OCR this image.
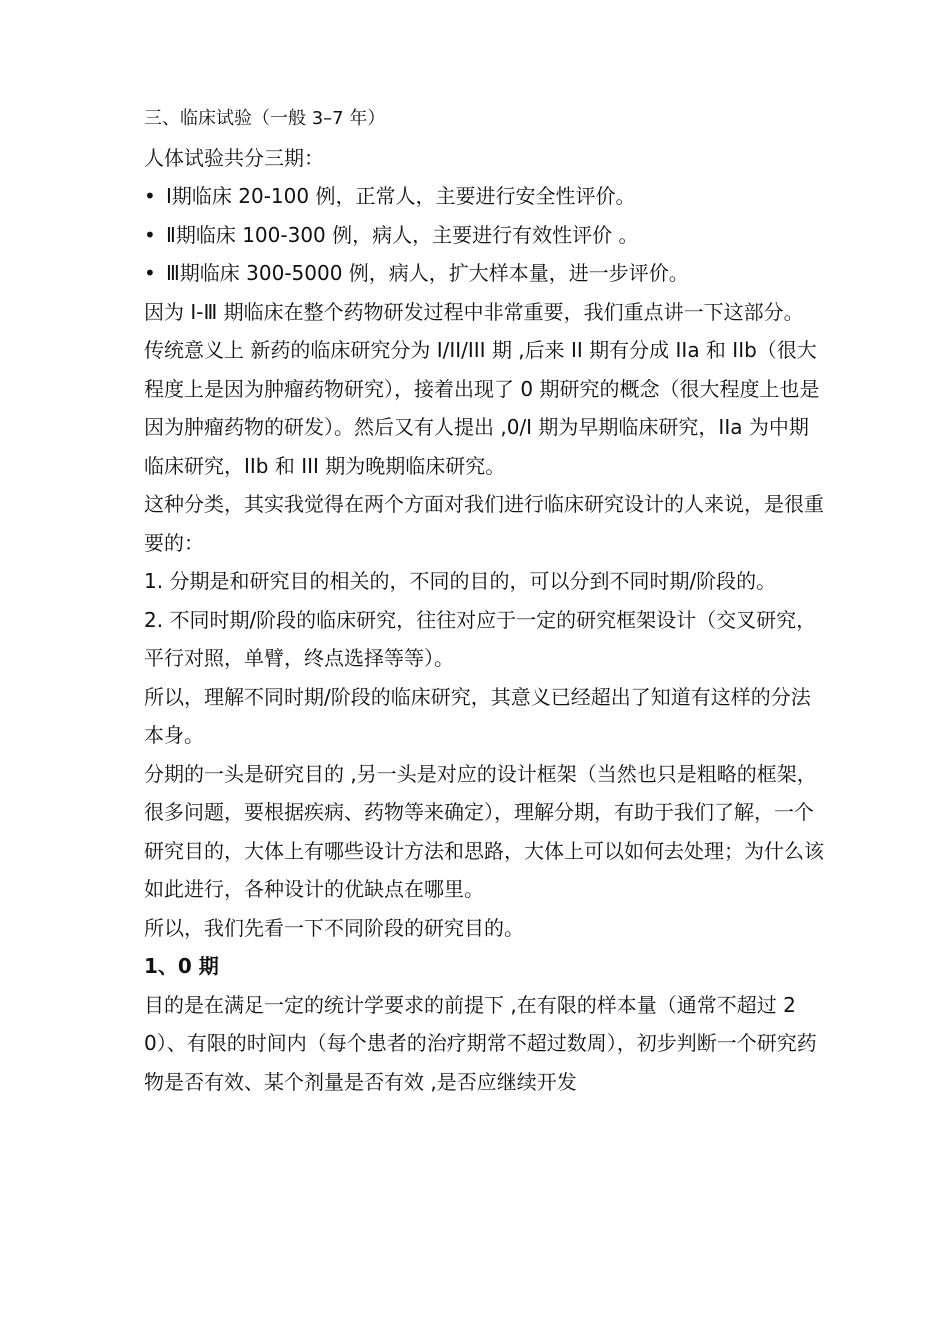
三、临床试验（一般 3–7 年）

人体试验共分三期：

• Ⅰ期临床 20-100 例，正常人，主要进行安全性评价。

• Ⅱ期临床 100-300 例，病人，主要进行有效性评价 。

• Ⅲ期临床 300-5000 例，病人，扩大样本量，进一步评价。

因为 Ⅰ-Ⅲ 期临床在整个药物研发过程中非常重要，我们重点讲一下这部分。

传统意义上 新药的临床研究分为 I/II/III 期 ,后来 II 期有分成 IIa 和 IIb（很大程度上是因为肿瘤药物研究），接着出现了 0 期研究的概念（很大程度上也是因为肿瘤药物的研发）。然后又有人提出 ,0/I 期为早期临床研究，IIa 为中期临床研究，IIb 和 III 期为晚期临床研究。

这种分类，其实我觉得在两个方面对我们进行临床研究设计的人来说，是很重要的：

1. 分期是和研究目的相关的，不同的目的，可以分到不同时期/阶段的。

2. 不同时期/阶段的临床研究，往往对应于一定的研究框架设计（交叉研究，平行对照，单臂，终点选择等等）。

所以，理解不同时期/阶段的临床研究，其意义已经超出了知道有这样的分法本身。

分期的一头是研究目的 ,另一头是对应的设计框架（当然也只是粗略的框架，很多问题，要根据疾病、药物等来确定），理解分期，有助于我们了解，一个研究目的，大体上有哪些设计方法和思路，大体上可以如何去处理；为什么该如此进行，各种设计的优缺点在哪里。

所以，我们先看一下不同阶段的研究目的。

1、0 期

目的是在满足一定的统计学要求的前提下 ,在有限的样本量（通常不超过 20）、有限的时间内（每个患者的治疗期常不超过数周），初步判断一个研究药物是否有效、某个剂量是否有效 ,是否应继续开发
